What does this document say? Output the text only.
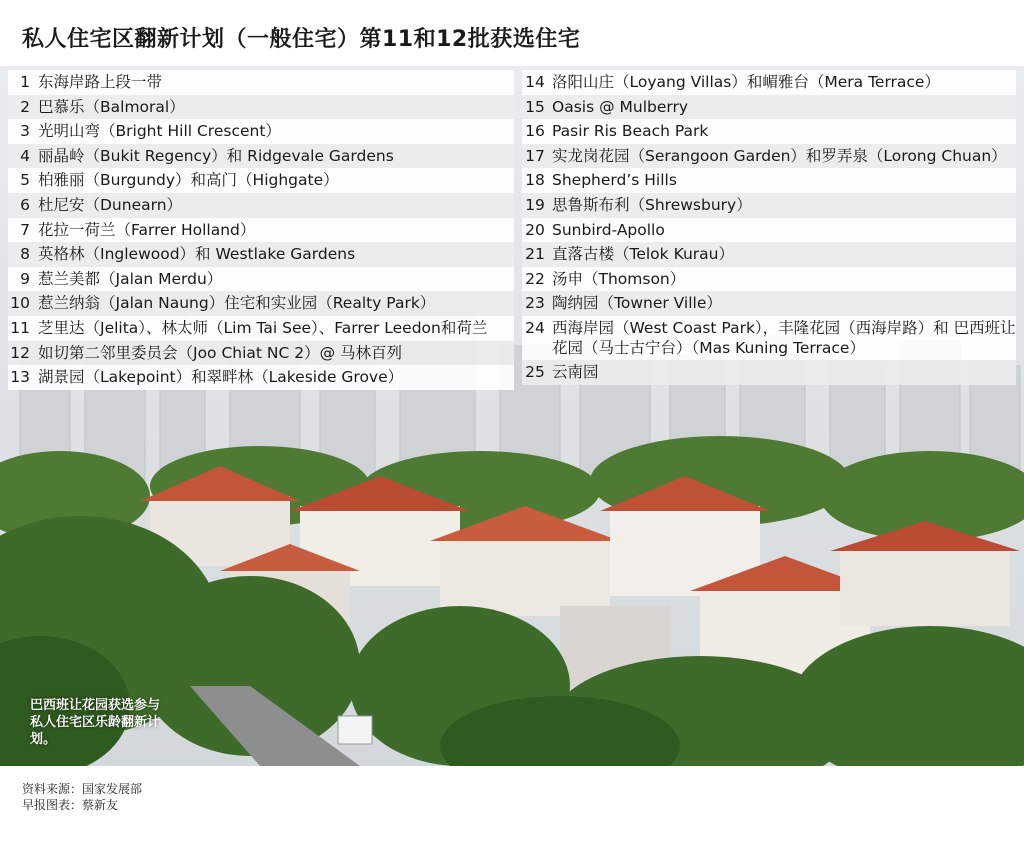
私人住宅区翻新计划（一般住宅）第11和12批获选住宅
1 东海岸路上段一带
2 巴慕乐（Balmoral）
3 光明山弯（Bright Hill Crescent）
4 丽晶岭（Bukit Regency）和 Ridgevale Gardens
5 柏雅丽（Burgundy）和高门（Highgate）
6 杜尼安（Dunearn）
7 花拉一荷兰（Farrer Holland）
8 英格林（Inglewood）和 Westlake Gardens
9 惹兰美都（Jalan Merdu）
10 惹兰纳翁（Jalan Naung）住宅和实业园（Realty Park）
11 芝里达（Jelita）、林太师（Lim Tai See）、Farrer Leedon和荷兰
12 如切第二邻里委员会（Joo Chiat NC 2）@ 马林百列
13 湖景园（Lakepoint）和翠畔林（Lakeside Grove）
14 洛阳山庄（Loyang Villas）和嵋雅台（Mera Terrace）
15 Oasis @ Mulberry
16 Pasir Ris Beach Park
17 实龙岗花园（Serangoon Garden）和罗弄泉（Lorong Chuan）
18 Shepherd’s Hills
19 思鲁斯布利（Shrewsbury）
20 Sunbird-Apollo
21 直落古楼（Telok Kurau）
22 汤申（Thomson）
23 陶纳园（Towner Ville）
24 西海岸园（West Coast Park），丰隆花园（西海岸路）和 巴西班让花园（马士古宁台）（Mas Kuning Terrace）
25 云南园
巴西班让花园获选参与私人住宅区乐龄翻新计划。
资料来源：国家发展部
早报图表：蔡新友
